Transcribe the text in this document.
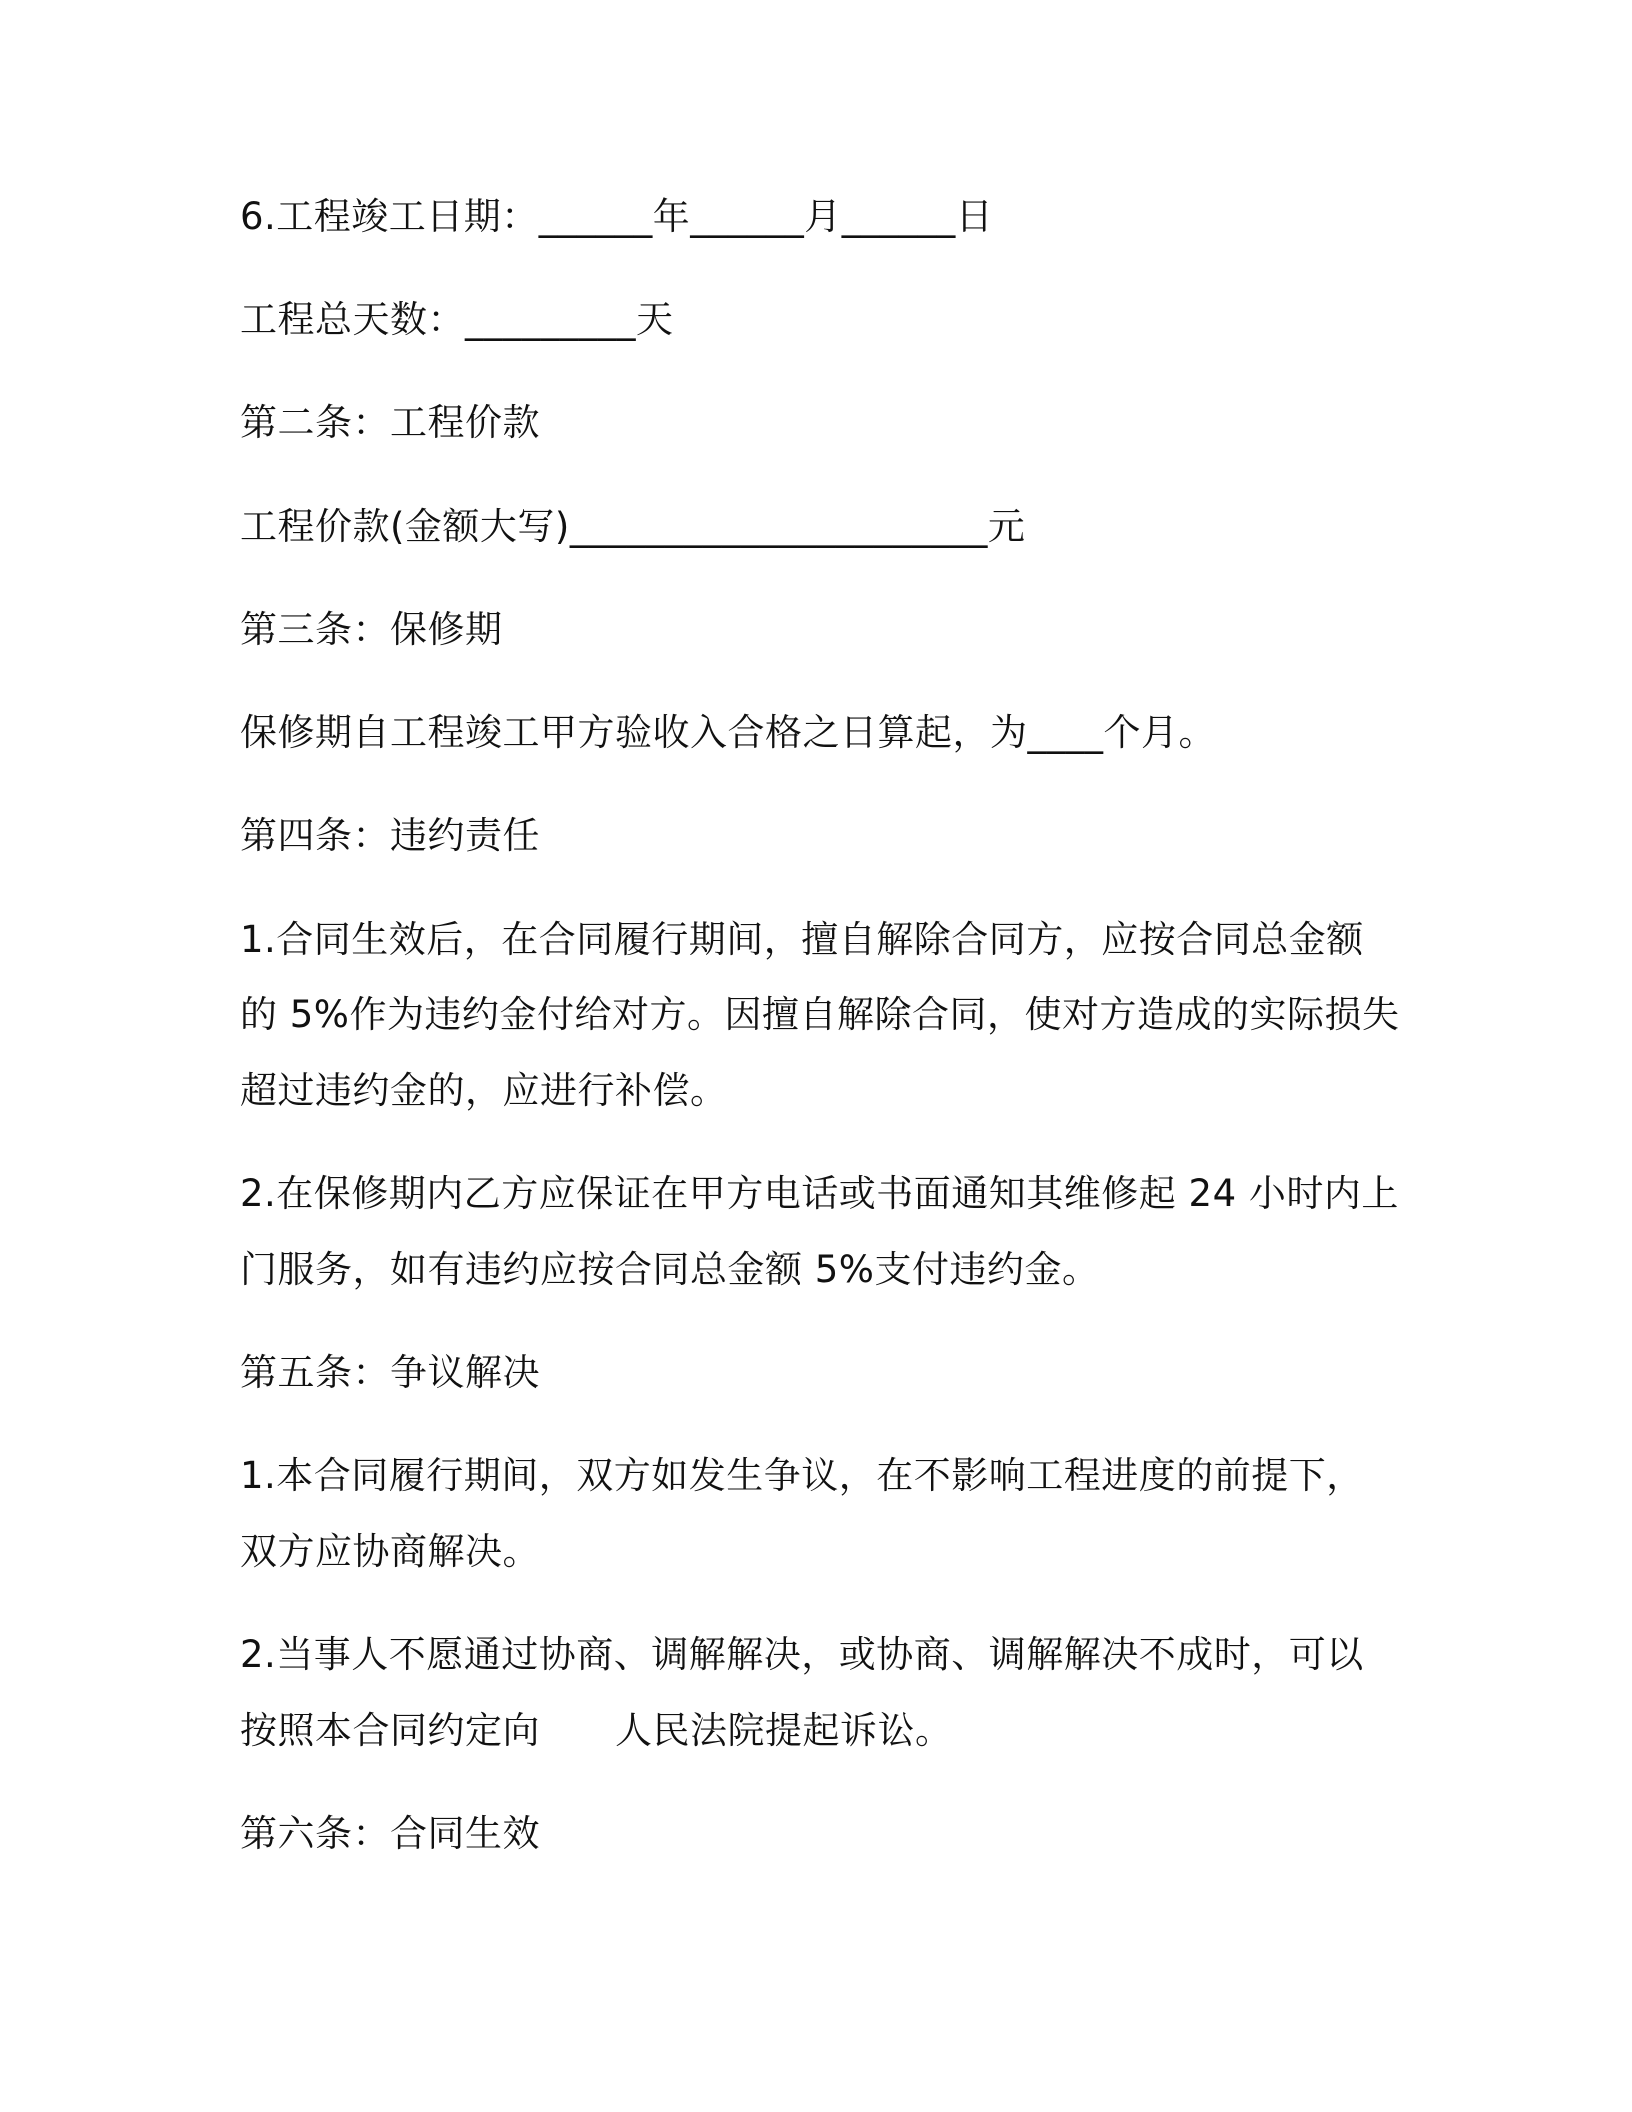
6.工程竣工日期：______年______月______日
工程总天数：_________天
第二条：工程价款
工程价款(金额大写)______________________元
第三条：保修期
保修期自工程竣工甲方验收入合格之日算起，为____个月。
第四条：违约责任
1.合同生效后，在合同履行期间，擅自解除合同方，应按合同总金额
的 5%作为违约金付给对方。因擅自解除合同，使对方造成的实际损失
超过违约金的，应进行补偿。
2.在保修期内乙方应保证在甲方电话或书面通知其维修起 24 小时内上
门服务，如有违约应按合同总金额 5%支付违约金。
第五条：争议解决
1.本合同履行期间，双方如发生争议，在不影响工程进度的前提下，
双方应协商解决。
2.当事人不愿通过协商、调解解决，或协商、调解解决不成时，可以
按照本合同约定向　　人民法院提起诉讼。
第六条：合同生效
